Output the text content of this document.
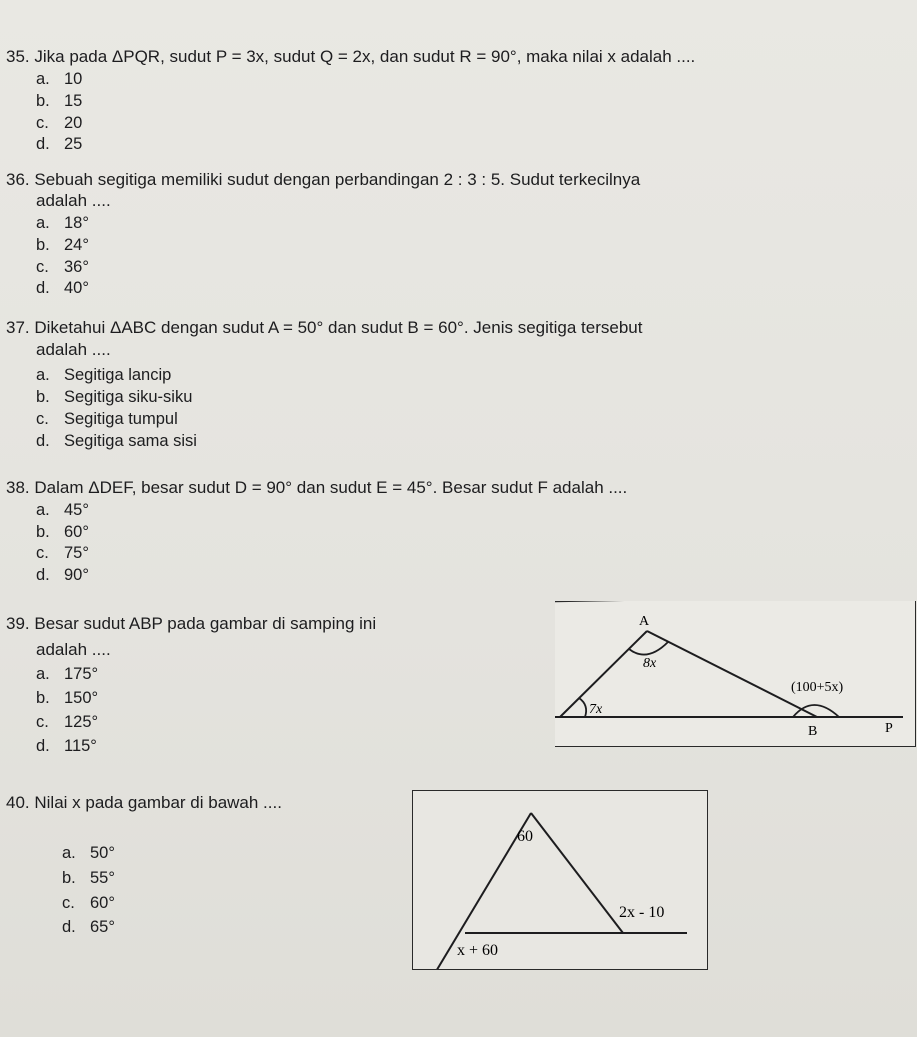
35. Jika pada ΔPQR, sudut P = 3x, sudut Q = 2x, dan sudut R = 90°, maka nilai x adalah ....
a. 10
b. 15
c. 20
d. 25
36. Sebuah segitiga memiliki sudut dengan perbandingan 2 : 3 : 5. Sudut terkecilnya
adalah ....
a. 18°
b. 24°
c. 36°
d. 40°
37. Diketahui ΔABC dengan sudut A = 50° dan sudut B = 60°. Jenis segitiga tersebut
adalah ....
a. Segitiga lancip
b. Segitiga siku-siku
c. Segitiga tumpul
d. Segitiga sama sisi
38. Dalam ΔDEF, besar sudut D = 90° dan sudut E = 45°. Besar sudut F adalah ....
a. 45°
b. 60°
c. 75°
d. 90°
39. Besar sudut ABP pada gambar di samping ini
adalah ....
a. 175°
b. 150°
c. 125°
d. 115°
A
8x
7x
(100+5x)
B	P
40. Nilai x pada gambar di bawah ....
a. 50°
b. 55°
c. 60°
d. 65°
60
2x - 10
x + 60
